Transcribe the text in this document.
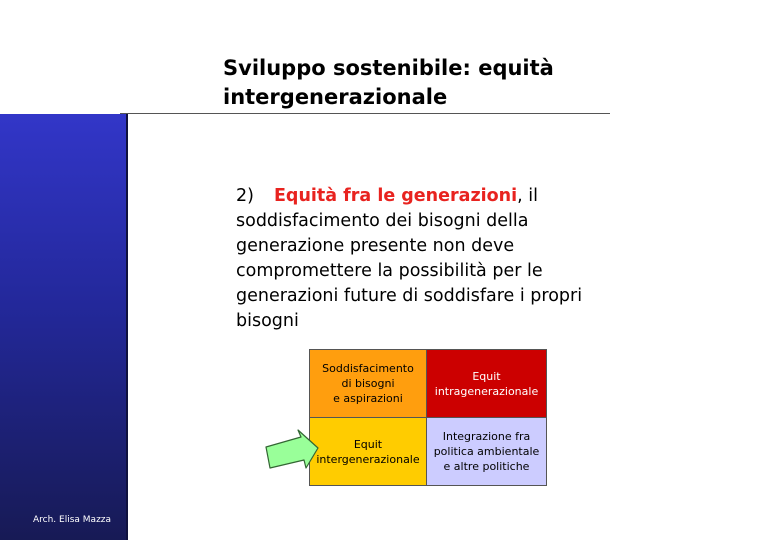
Arch. Elisa Mazza
Sviluppo sostenibile: equità intergenerazionale

2) Equità fra le generazioni, il soddisfacimento dei bisogni della generazione presente non deve compromettere la possibilità per le generazioni future di soddisfare i propri bisogni

Soddisfacimento
di bisogni
e aspirazioni
Equit
intragenerazionale
Equit
intergenerazionale
Integrazione fra
politica ambientale
e altre politiche
